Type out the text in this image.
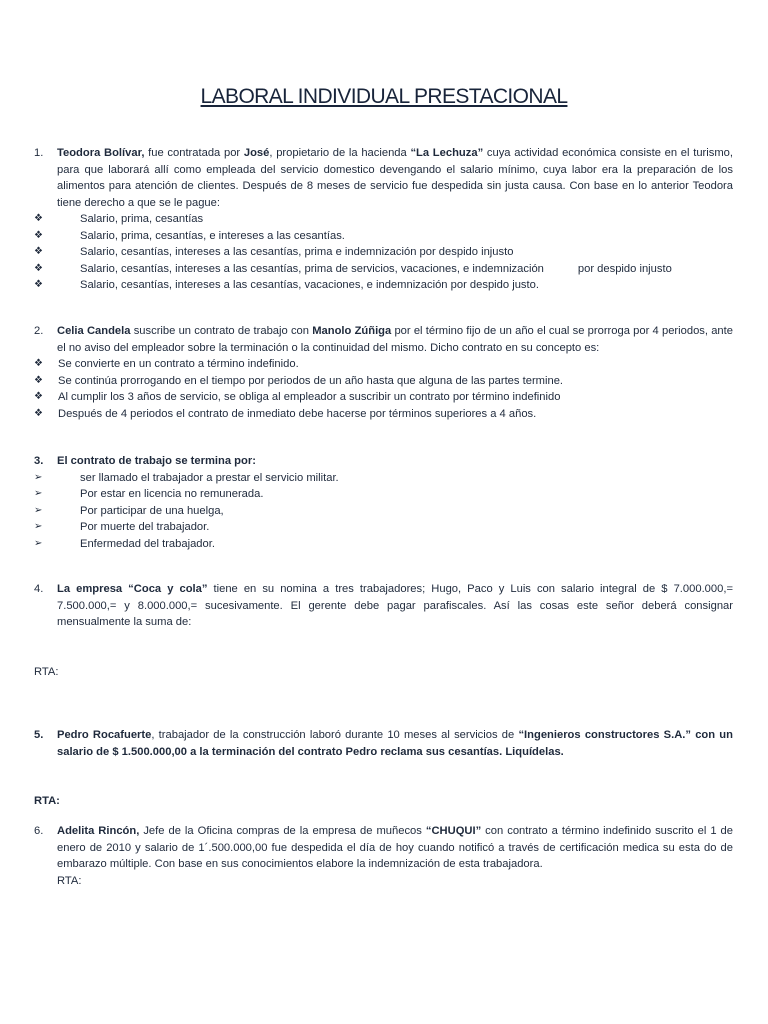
LABORAL INDIVIDUAL PRESTACIONAL
1. Teodora Bolívar, fue contratada por José, propietario de la hacienda “La Lechuza” cuya actividad económica consiste en el turismo, para que laborará allí como empleada del servicio domestico devengando el salario mínimo, cuya labor era la preparación de los alimentos para atención de clientes. Después de 8 meses de servicio fue despedida sin justa causa. Con base en lo anterior Teodora tiene derecho a que se le pague:
❖	Salario, prima, cesantías
❖	Salario, prima, cesantías, e intereses a las cesantías.
❖	Salario, cesantías, intereses a las cesantías, prima e indemnización por despido injusto
❖	Salario, cesantías, intereses a las cesantías, prima de servicios, vacaciones, e indemnización	por despido injusto
❖	Salario, cesantías, intereses a las cesantías, vacaciones, e indemnización por despido justo.
2. Celia Candela suscribe un contrato de trabajo con Manolo Zúñiga por el término fijo de un año el cual se prorroga por 4 periodos, ante el no aviso del empleador sobre la terminación o la continuidad del mismo. Dicho contrato en su concepto es:
❖ Se convierte en un contrato a término indefinido.
❖ Se continúa prorrogando en el tiempo por periodos de un año hasta que alguna de las partes termine.
❖ Al cumplir los 3 años de servicio, se obliga al empleador a suscribir un contrato por término indefinido
❖ Después de 4 periodos el contrato de inmediato debe hacerse por términos superiores a 4 años.
3. El contrato de trabajo se termina por:
➢	ser llamado el trabajador a prestar el servicio militar.
➢	Por estar en licencia no remunerada.
➢	Por participar de una huelga,
➢	Por muerte del trabajador.
➢	Enfermedad del trabajador.
4. La empresa “Coca y cola” tiene en su nomina a tres trabajadores; Hugo, Paco y Luis con salario integral de $ 7.000.000,= 7.500.000,= y 8.000.000,= sucesivamente. El gerente debe pagar parafiscales. Así las cosas este señor deberá consignar mensualmente la suma de:
RTA:
5. Pedro Rocafuerte, trabajador de la construcción laboró durante 10 meses al servicios de “Ingenieros constructores S.A.” con un salario de $ 1.500.000,00 a la terminación del contrato Pedro reclama sus cesantías. Liquídelas.
RTA:
6. Adelita Rincón, Jefe de la Oficina compras de la empresa de muñecos “CHUQUI” con contrato a término indefinido suscrito el 1 de enero de 2010 y salario de 1´.500.000,00 fue despedida el día de hoy cuando notificó a través de certificación medica su esta do de embarazo múltiple. Con base en sus conocimientos elabore la indemnización de esta trabajadora.
RTA:
